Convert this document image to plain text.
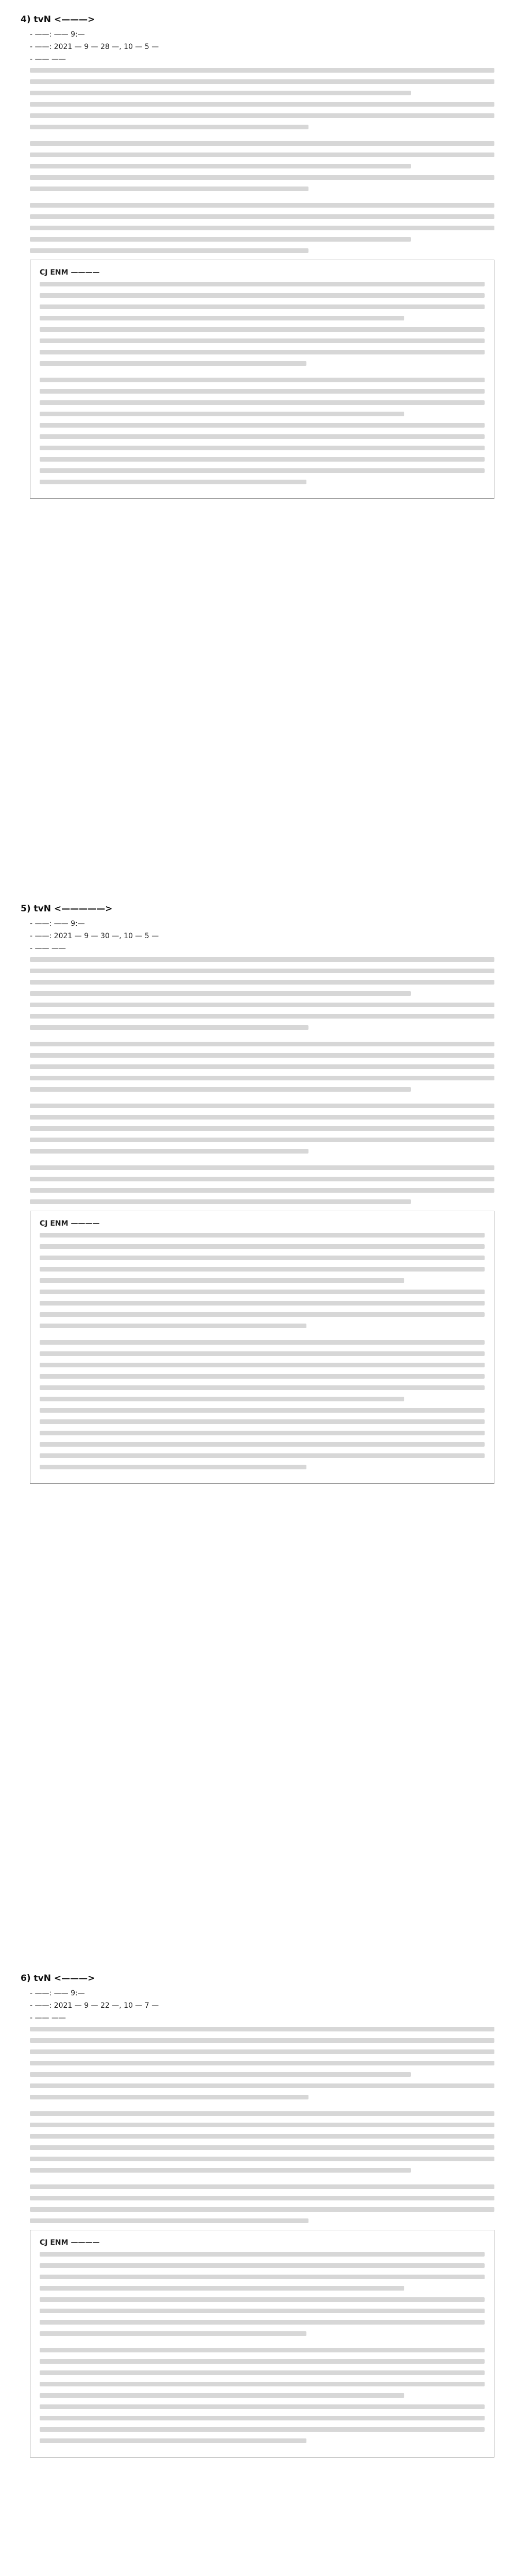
4) tvN <———>
- ——: —— 9:—
- ——: 2021 — 9 — 28 —, 10 — 5 —
- —— ——
CJ ENM ————
5) tvN <—————>
- ——: —— 9:—
- ——: 2021 — 9 — 30 —, 10 — 5 —
- —— ——
CJ ENM ————
6) tvN <———>
- ——: —— 9:—
- ——: 2021 — 9 — 22 —, 10 — 7 —
- —— ——
CJ ENM ————
